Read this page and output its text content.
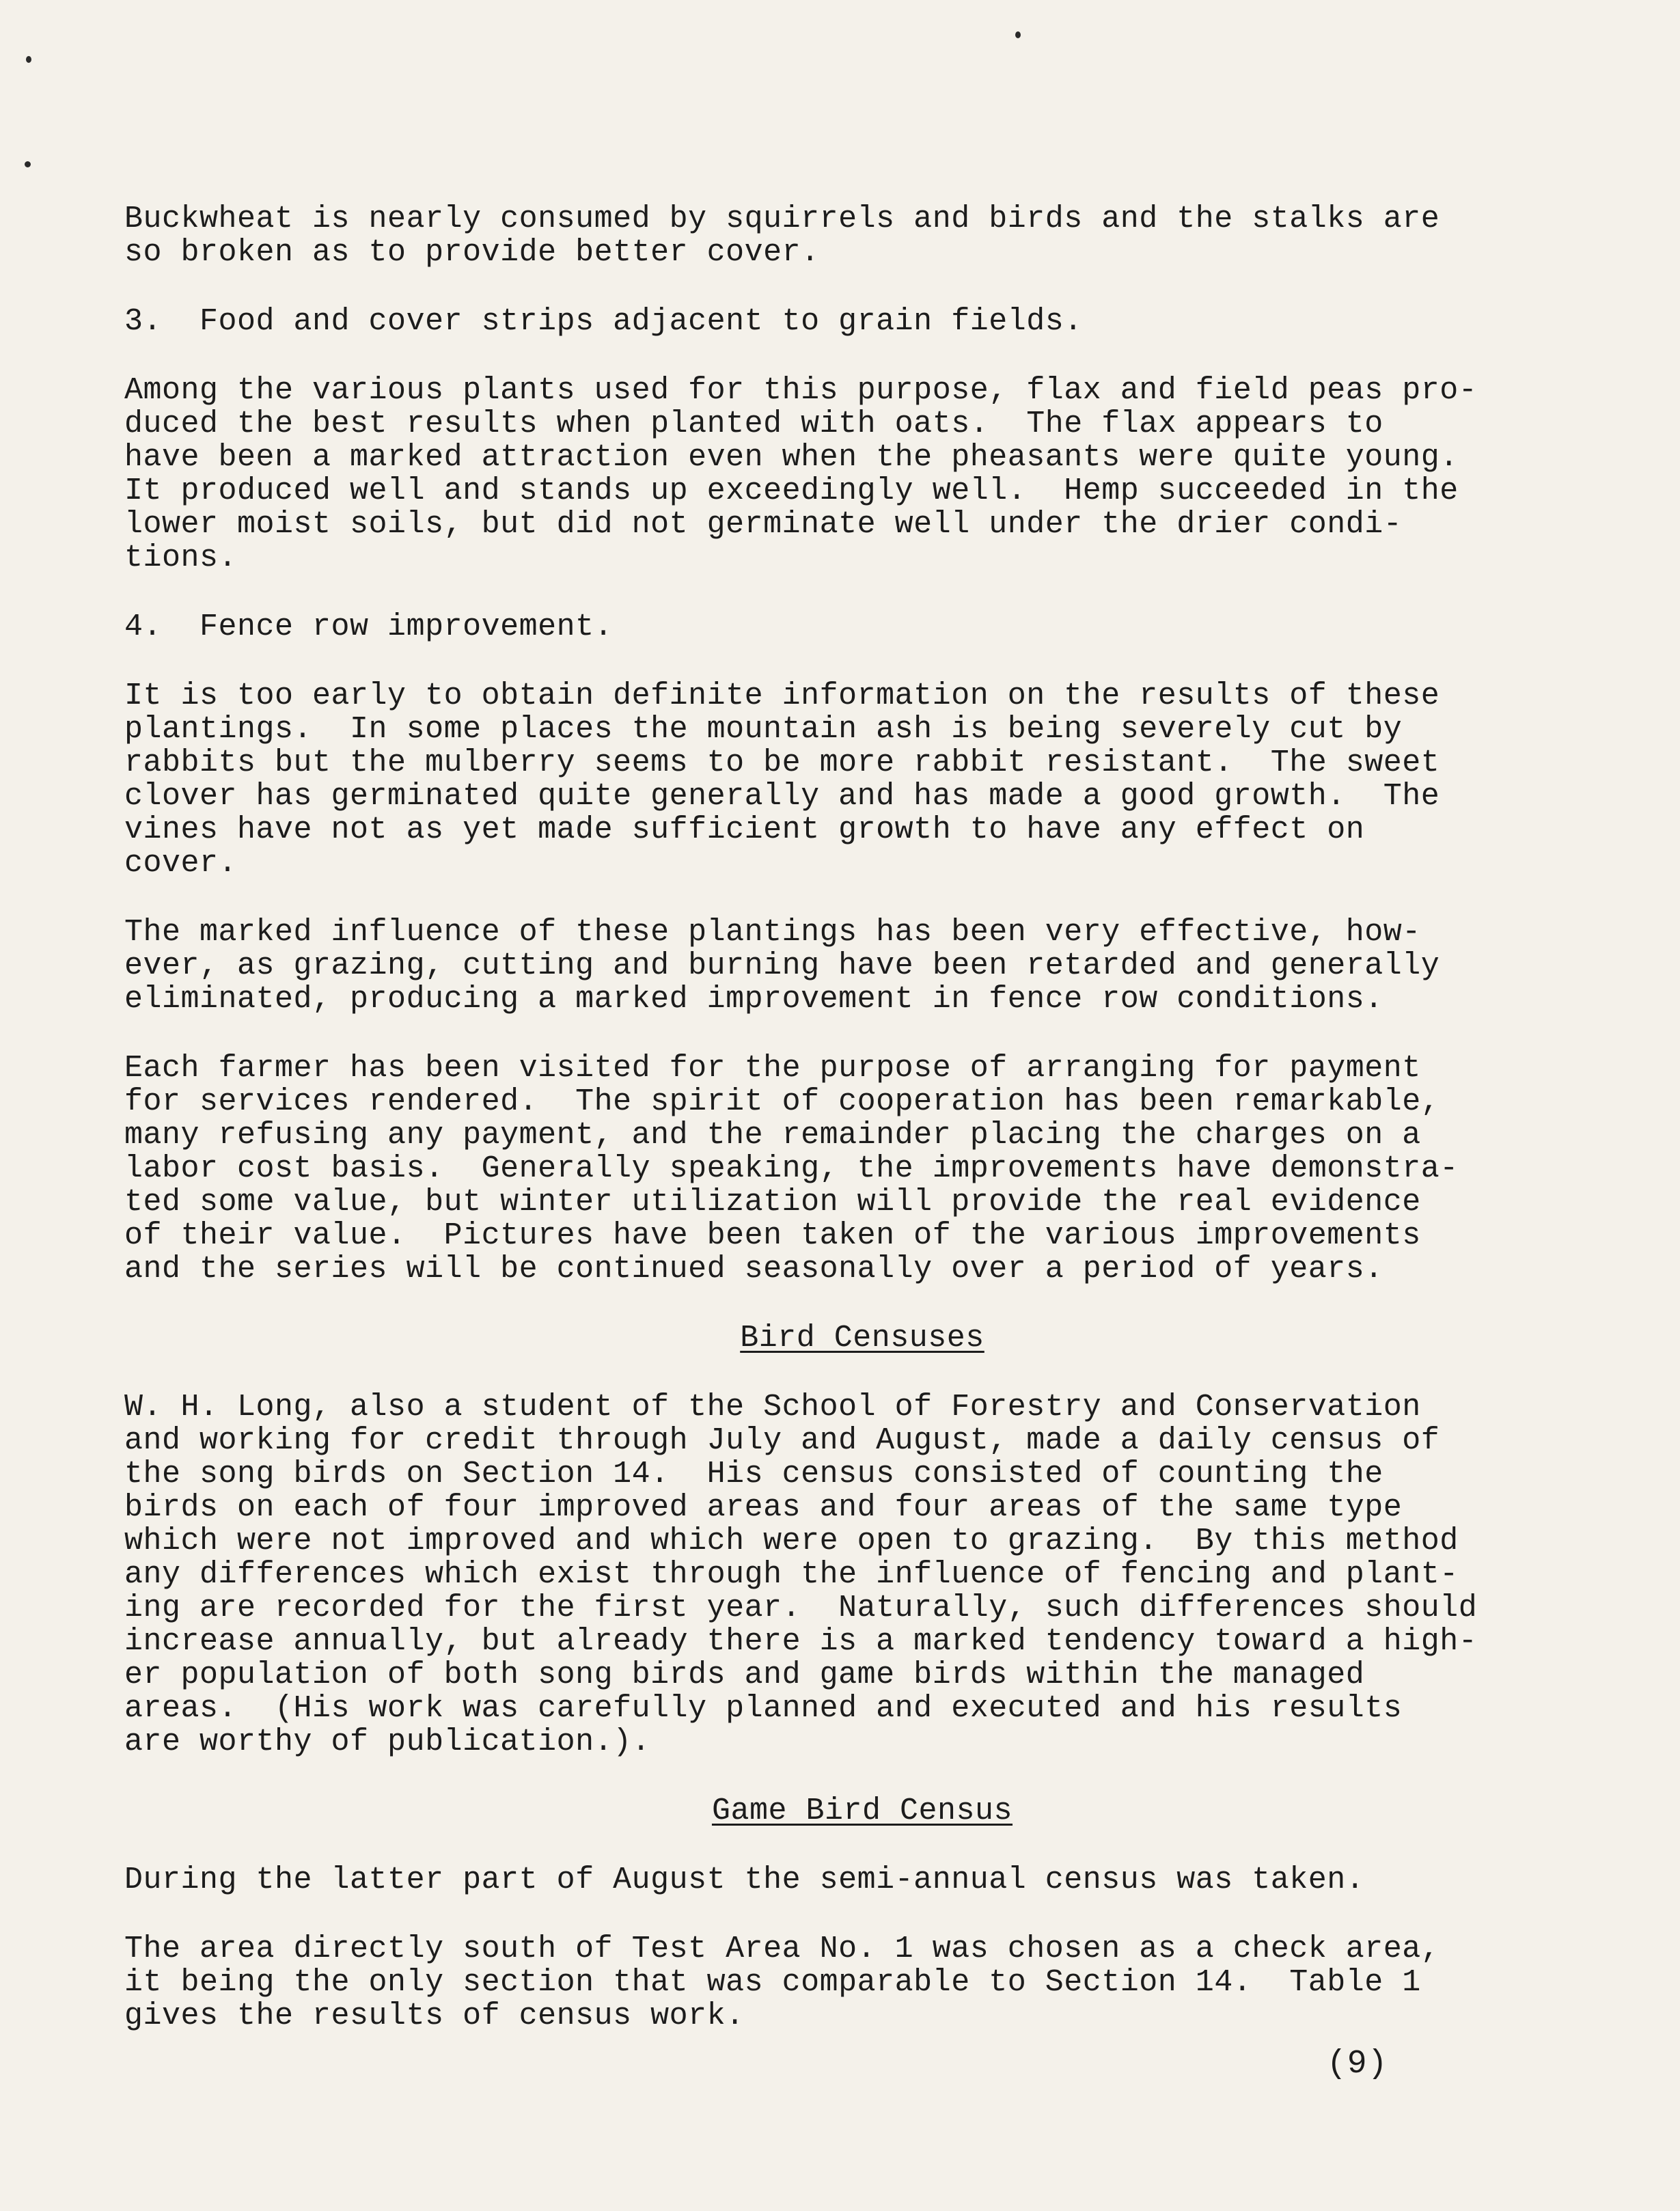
Buckwheat is nearly consumed by squirrels and birds and the stalks are
so broken as to provide better cover.

3.  Food and cover strips adjacent to grain fields.

Among the various plants used for this purpose, flax and field peas pro-
duced the best results when planted with oats.  The flax appears to
have been a marked attraction even when the pheasants were quite young.
It produced well and stands up exceedingly well.  Hemp succeeded in the
lower moist soils, but did not germinate well under the drier condi-
tions.

4.  Fence row improvement.

It is too early to obtain definite information on the results of these
plantings.  In some places the mountain ash is being severely cut by
rabbits but the mulberry seems to be more rabbit resistant.  The sweet
clover has germinated quite generally and has made a good growth.  The
vines have not as yet made sufficient growth to have any effect on
cover.

The marked influence of these plantings has been very effective, how-
ever, as grazing, cutting and burning have been retarded and generally
eliminated, producing a marked improvement in fence row conditions.

Each farmer has been visited for the purpose of arranging for payment
for services rendered.  The spirit of cooperation has been remarkable,
many refusing any payment, and the remainder placing the charges on a
labor cost basis.  Generally speaking, the improvements have demonstra-
ted some value, but winter utilization will provide the real evidence
of their value.  Pictures have been taken of the various improvements
and the series will be continued seasonally over a period of years.

Bird Censuses

W. H. Long, also a student of the School of Forestry and Conservation
and working for credit through July and August, made a daily census of
the song birds on Section 14.  His census consisted of counting the
birds on each of four improved areas and four areas of the same type
which were not improved and which were open to grazing.  By this method
any differences which exist through the influence of fencing and plant-
ing are recorded for the first year.  Naturally, such differences should
increase annually, but already there is a marked tendency toward a high-
er population of both song birds and game birds within the managed
areas.  (His work was carefully planned and executed and his results
are worthy of publication.).

Game Bird Census

During the latter part of August the semi-annual census was taken.

The area directly south of Test Area No. 1 was chosen as a check area,
it being the only section that was comparable to Section 14.  Table 1
gives the results of census work.

(9)
